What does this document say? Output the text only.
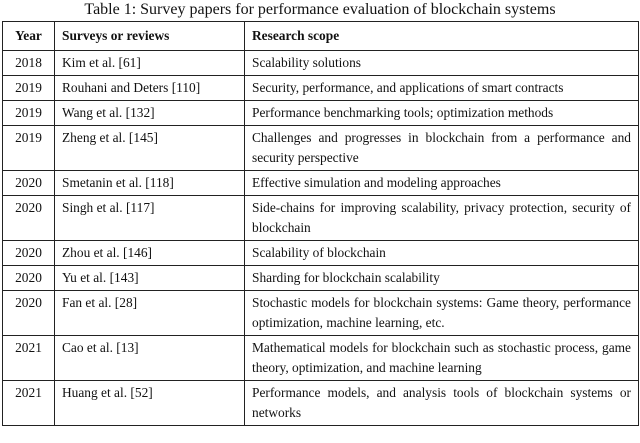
Table 1: Survey papers for performance evaluation of blockchain systems
Year	Surveys or reviews	Research scope
2018	Kim et al. [61]	Scalability solutions
2019	Rouhani and Deters [110]	Security, performance, and applications of smart contracts
2019	Wang et al. [132]	Performance benchmarking tools; optimization methods
2019	Zheng et al. [145]	Challenges and progresses in blockchain from a performance and security perspective
2020	Smetanin et al. [118]	Effective simulation and modeling approaches
2020	Singh et al. [117]	Side-chains for improving scalability, privacy protection, security of blockchain
2020	Zhou et al. [146]	Scalability of blockchain
2020	Yu et al. [143]	Sharding for blockchain scalability
2020	Fan et al. [28]	Stochastic models for blockchain systems: Game theory, performance optimization, machine learning, etc.
2021	Cao et al. [13]	Mathematical models for blockchain such as stochastic process, game theory, optimization, and machine learning
2021	Huang et al. [52]	Performance models, and analysis tools of blockchain systems or networks
